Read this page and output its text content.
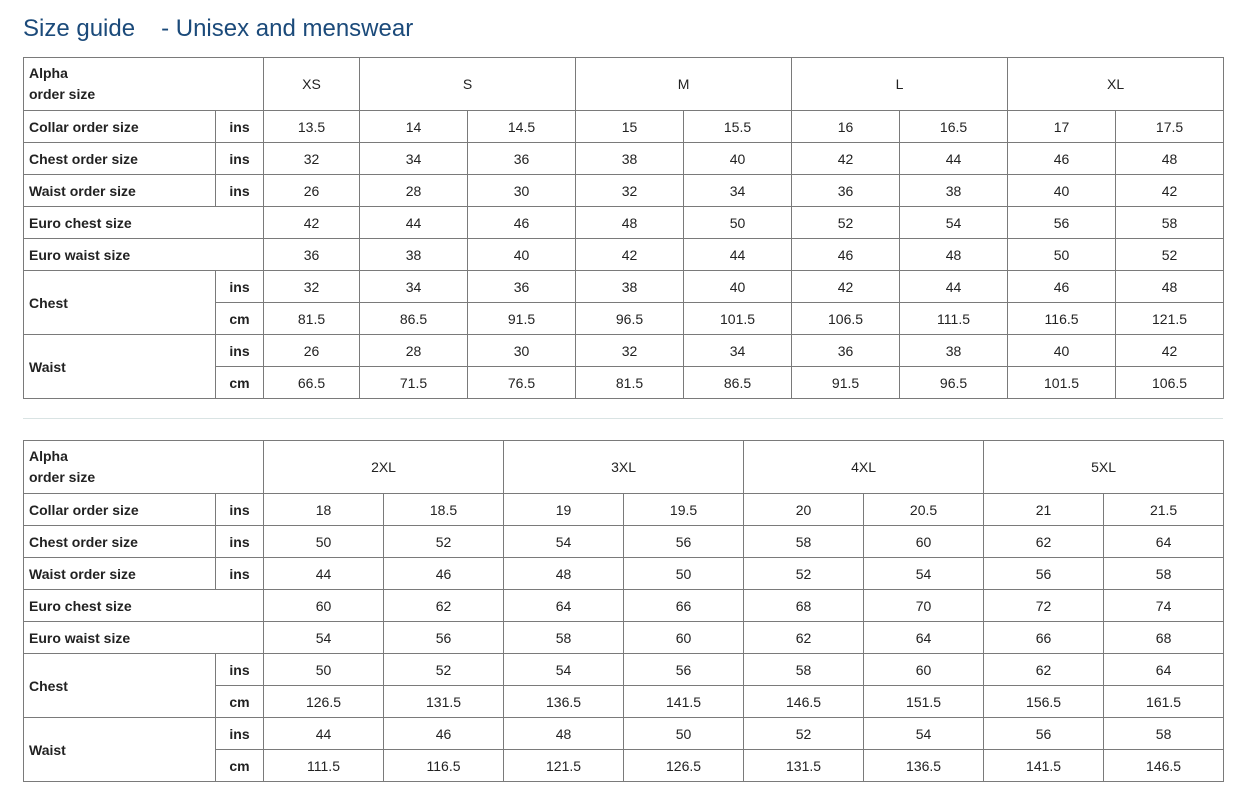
Size guide - Unisex and menswear
Alpha
order size		XS	S		M		L		XL	
Collar order size	ins	13.5	14	14.5	15	15.5	16	16.5	17	17.5
Chest order size	ins	32	34	36	38	40	42	44	46	48
Waist order size	ins	26	28	30	32	34	36	38	40	42
Euro chest size		42	44	46	48	50	52	54	56	58
Euro waist size		36	38	40	42	44	46	48	50	52
Chest	ins	32	34	36	38	40	42	44	46	48
	cm	81.5	86.5	91.5	96.5	101.5	106.5	111.5	116.5	121.5
Waist	ins	26	28	30	32	34	36	38	40	42
	cm	66.5	71.5	76.5	81.5	86.5	91.5	96.5	101.5	106.5
Alpha
order size		2XL		3XL		4XL		5XL	
Collar order size	ins	18	18.5	19	19.5	20	20.5	21	21.5
Chest order size	ins	50	52	54	56	58	60	62	64
Waist order size	ins	44	46	48	50	52	54	56	58
Euro chest size		60	62	64	66	68	70	72	74
Euro waist size		54	56	58	60	62	64	66	68
Chest	ins	50	52	54	56	58	60	62	64
	cm	126.5	131.5	136.5	141.5	146.5	151.5	156.5	161.5
Waist	ins	44	46	48	50	52	54	56	58
	cm	111.5	116.5	121.5	126.5	131.5	136.5	141.5	146.5
